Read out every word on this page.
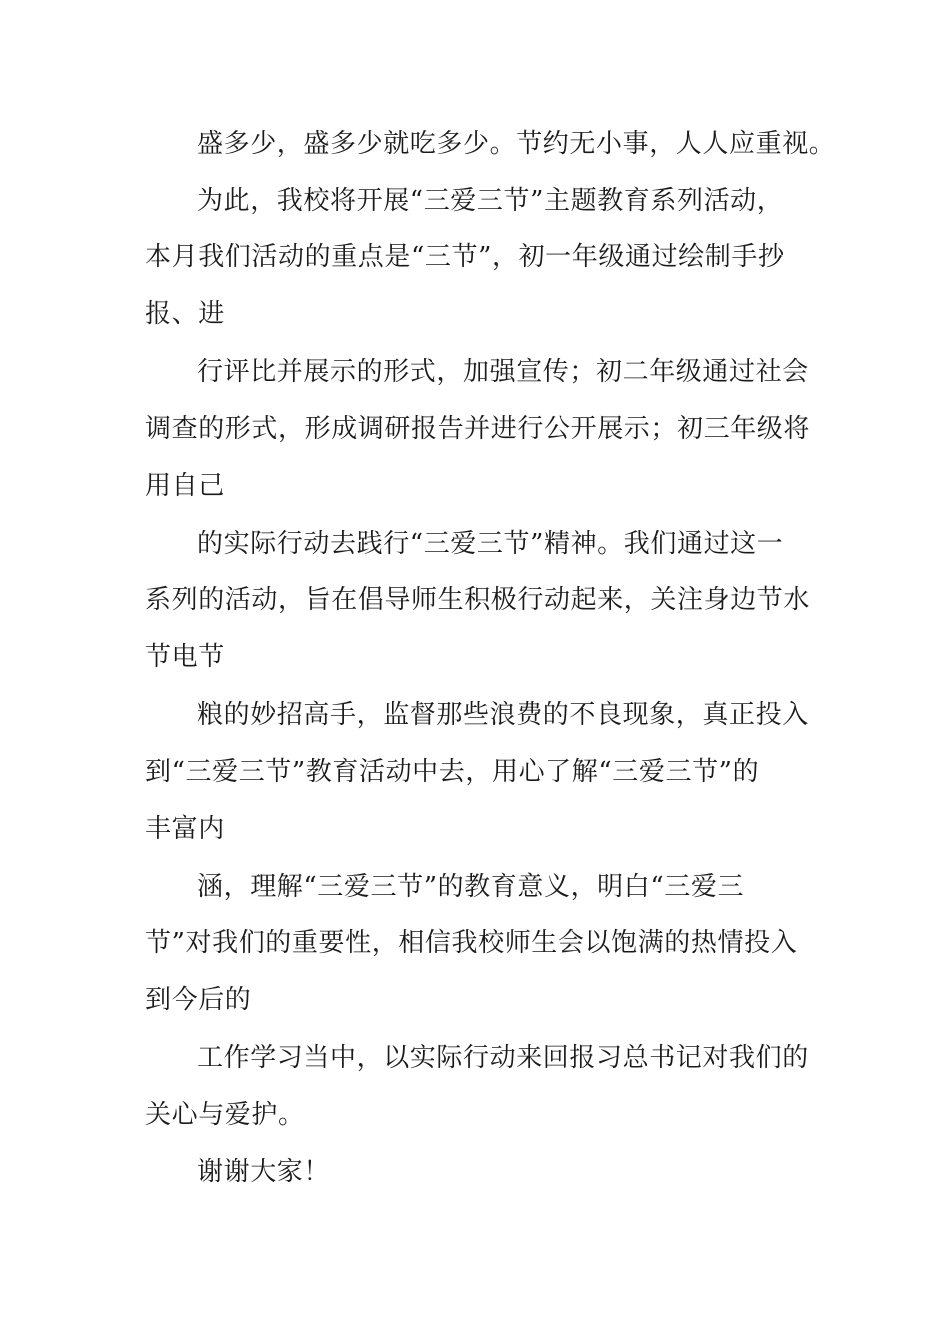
盛多少，盛多少就吃多少。节约无小事，人人应重视。
为此，我校将开展“三爱三节”主题教育系列活动，
本月我们活动的重点是“三节”，初一年级通过绘制手抄
报、进
行评比并展示的形式，加强宣传；初二年级通过社会
调查的形式，形成调研报告并进行公开展示；初三年级将
用自己
的实际行动去践行“三爱三节”精神。我们通过这一
系列的活动，旨在倡导师生积极行动起来，关注身边节水
节电节
粮的妙招高手，监督那些浪费的不良现象，真正投入
到“三爱三节”教育活动中去，用心了解“三爱三节”的
丰富内
涵，理解“三爱三节”的教育意义，明白“三爱三
节”对我们的重要性，相信我校师生会以饱满的热情投入
到今后的
工作学习当中，以实际行动来回报习总书记对我们的
关心与爱护。
谢谢大家！
